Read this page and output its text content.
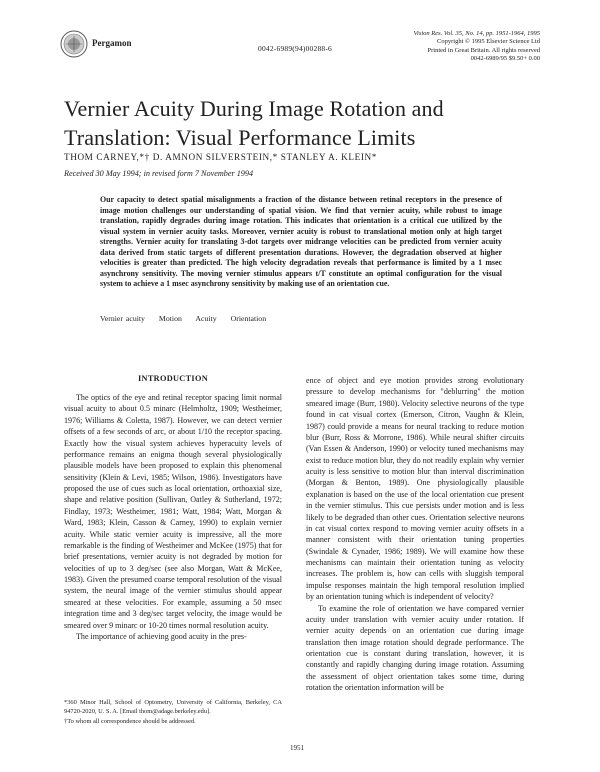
Pergamon
0042-6989(94)00288-6
Vision Res. Vol. 35, No. 14, pp. 1951-1964, 1995
Copyright © 1995 Elsevier Science Ltd
Printed in Great Britain. All rights reserved
0042-6989/95 $9.50+ 0.00
Vernier Acuity During Image Rotation and Translation: Visual Performance Limits
THOM CARNEY,*† D. AMNON SILVERSTEIN,* STANLEY A. KLEIN*
Received 30 May 1994; in revised form 7 November 1994
Our capacity to detect spatial misalignments a fraction of the distance between retinal receptors in the presence of image motion challenges our understanding of spatial vision. We find that vernier acuity, while robust to image translation, rapidly degrades during image rotation. This indicates that orientation is a critical cue utilized by the visual system in vernier acuity tasks. Moreover, vernier acuity is robust to translational motion only at high target strengths. Vernier acuity for translating 3-dot targets over midrange velocities can be predicted from vernier acuity data derived from static targets of different presentation durations. However, the degradation observed at higher velocities is greater than predicted. The high velocity degradation reveals that performance is limited by a 1 msec asynchrony sensitivity. The moving vernier stimulus appears t/T constitute an optimal configuration for the visual system to achieve a 1 msec asynchrony sensitivity by making use of an orientation cue.
Vernier acuity Motion Acuity Orientation
INTRODUCTION

The optics of the eye and retinal receptor spacing limit normal visual acuity to about 0.5 minarc (Helmholtz, 1909; Westheimer, 1976; Williams & Coletta, 1987). However, we can detect vernier offsets of a few seconds of arc, or about 1/10 the receptor spacing. Exactly how the visual system achieves hyperacuity levels of performance remains an enigma though several physiologically plausible models have been proposed to explain this phenomenal sensitivity (Klein & Levi, 1985; Wilson, 1986). Investigators have proposed the use of cues such as local orientation, orthoaxial size, shape and relative position (Sullivan, Oatley & Sutherland, 1972; Findlay, 1973; Westheimer, 1981; Watt, 1984; Watt, Morgan & Ward, 1983; Klein, Casson & Carney, 1990) to explain vernier acuity. While static vernier acuity is impressive, all the more remarkable is the finding of Westheimer and McKee (1975) that for brief presentations, vernier acuity is not degraded by motion for velocities of up to 3 deg/sec (see also Morgan, Watt & McKee, 1983). Given the presumed coarse temporal resolution of the visual system, the neural image of the vernier stimulus should appear smeared at these velocities. For example, assuming a 50 msec integration time and 3 deg/sec target velocity, the image would be smeared over 9 minarc or 10-20 times normal resolution acuity.

The importance of achieving good acuity in the pres-

ence of object and eye motion provides strong evolutionary pressure to develop mechanisms for "deblurring" the motion smeared image (Burr, 1980). Velocity selective neurons of the type found in cat visual cortex (Emerson, Citron, Vaughn & Klein, 1987) could provide a means for neural tracking to reduce motion blur (Burr, Ross & Morrone, 1986). While neural shifter circuits (Van Essen & Anderson, 1990) or velocity tuned mechanisms may exist to reduce motion blur, they do not readily explain why vernier acuity is less sensitive to motion blur than interval discrimination (Morgan & Benton, 1989). One physiologically plausible explanation is based on the use of the local orientation cue present in the vernier stimulus. This cue persists under motion and is less likely to be degraded than other cues. Orientation selective neurons in cat visual cortex respond to moving vernier acuity offsets in a manner consistent with their orientation tuning properties (Swindale & Cynader, 1986; 1989). We will examine how these mechanisms can maintain their orientation tuning as velocity increases. The problem is, how can cells with sluggish temporal impulse responses maintain the high temporal resolution implied by an orientation tuning which is independent of velocity?

To examine the role of orientation we have compared vernier acuity under translation with vernier acuity under rotation. If vernier acuity depends on an orientation cue during image translation then image rotation should degrade performance. The orientation cue is constant during translation, however, it is constantly and rapidly changing during image rotation. Assuming the assessment of object orientation takes some time, during rotation the orientation information will be

*360 Minor Hall, School of Optometry, University of California, Berkeley, CA 94720-2020, U. S. A. [Email thom@adage.berkeley.edu].

†To whom all correspondence should be addressed.

1951
